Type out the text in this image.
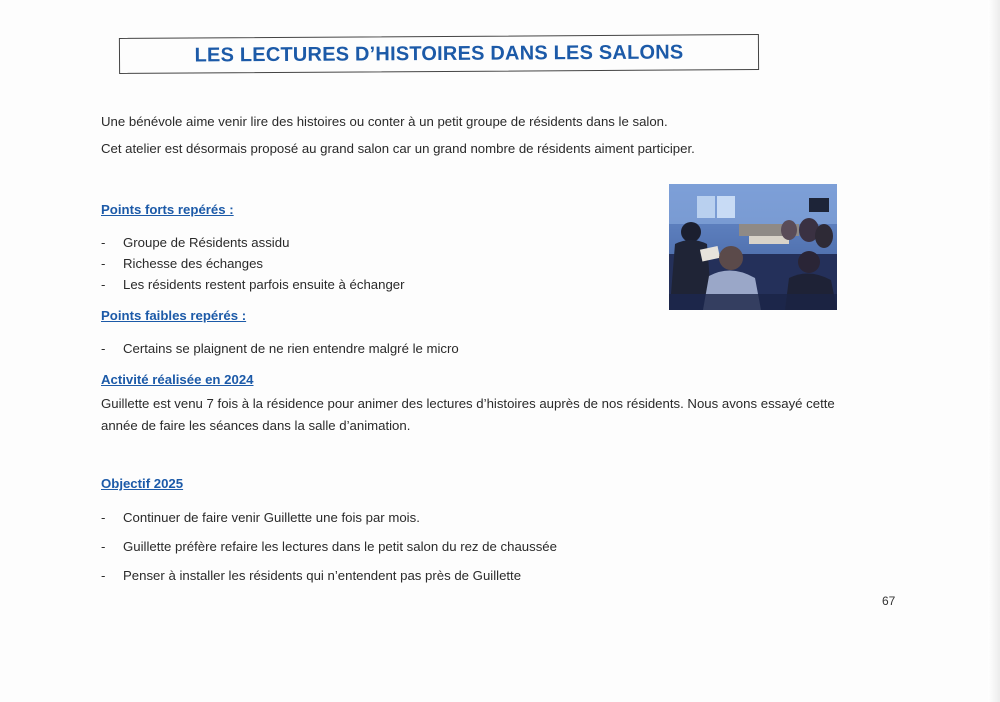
LES LECTURES D’HISTOIRES DANS LES SALONS

Une bénévole aime venir lire des histoires ou conter à un petit groupe de résidents dans le salon.

Cet atelier est désormais proposé au grand salon car un grand nombre de résidents aiment participer.

Points forts repérés :

- Groupe de Résidents assidu
- Richesse des échanges
- Les résidents restent parfois ensuite à échanger

Points faibles repérés :

- Certains se plaignent de ne rien entendre malgré le micro

Activité réalisée en 2024

Guillette est venu 7 fois à la résidence pour animer des lectures d’histoires auprès de nos résidents. Nous avons essayé cette

année de faire les séances dans la salle d’animation.

Objectif 2025

- Continuer de faire venir Guillette une fois par mois.
- Guillette préfère refaire les lectures dans le petit salon du rez de chaussée
- Penser à installer les résidents qui n’entendent pas près de Guillette
67
